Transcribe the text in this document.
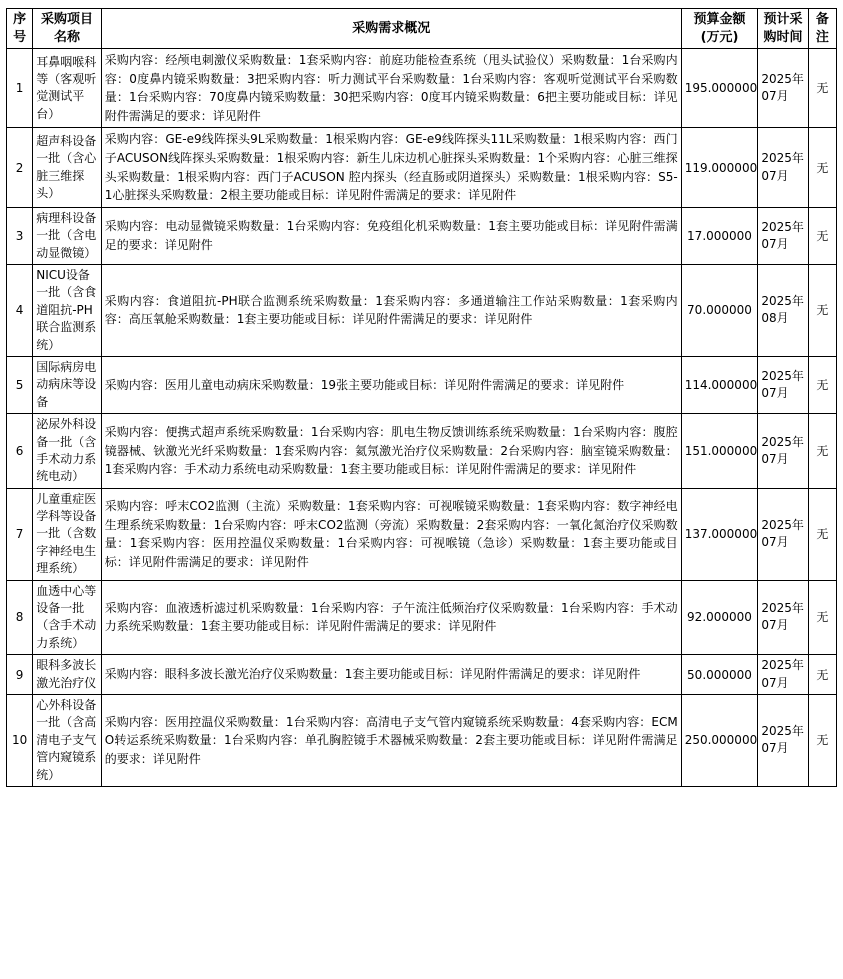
序号	采购项目名称	采购需求概况	预算金额(万元)	预计采购时间	备注
1	耳鼻咽喉科等（客观听觉测试平台）	采购内容：经颅电刺激仪采购数量：1套采购内容：前庭功能检查系统（甩头试验仪）采购数量：1台采购内容：0度鼻内镜采购数量：3把采购内容：听力测试平台采购数量：1台采购内容：客观听觉测试平台采购数量：1台采购内容：70度鼻内镜采购数量：30把采购内容：0度耳内镜采购数量：6把主要功能或目标：详见附件需满足的要求：详见附件	195.000000	2025年07月	无
2	超声科设备一批（含心脏三维探头）	采购内容：GE-e9线阵探头9L采购数量：1根采购内容：GE-e9线阵探头11L采购数量：1根采购内容：西门子ACUSON线阵探头采购数量：1根采购内容：新生儿床边机心脏探头采购数量：1个采购内容：心脏三维探头采购数量：1根采购内容：西门子ACUSON 腔内探头（经直肠或阴道探头）采购数量：1根采购内容：S5-1心脏探头采购数量：2根主要功能或目标：详见附件需满足的要求：详见附件	119.000000	2025年07月	无
3	病理科设备一批（含电动显微镜）	采购内容：电动显微镜采购数量：1台采购内容：免疫组化机采购数量：1套主要功能或目标：详见附件需满足的要求：详见附件	17.000000	2025年07月	无
4	NICU设备一批（含食道阻抗-PH联合监测系统）	采购内容：食道阻抗-PH联合监测系统采购数量：1套采购内容：多通道输注工作站采购数量：1套采购内容：高压氧舱采购数量：1套主要功能或目标：详见附件需满足的要求：详见附件	70.000000	2025年08月	无
5	国际病房电动病床等设备	采购内容：医用儿童电动病床采购数量：19张主要功能或目标：详见附件需满足的要求：详见附件	114.000000	2025年07月	无
6	泌尿外科设备一批（含手术动力系统电动）	采购内容：便携式超声系统采购数量：1台采购内容：肌电生物反馈训练系统采购数量：1台采购内容：腹腔镜器械、钬激光光纤采购数量：1套采购内容：氦氖激光治疗仪采购数量：2台采购内容：脑室镜采购数量：1套采购内容：手术动力系统电动采购数量：1套主要功能或目标：详见附件需满足的要求：详见附件	151.000000	2025年07月	无
7	儿童重症医学科等设备一批（含数字神经电生理系统）	采购内容：呼末CO2监测（主流）采购数量：1套采购内容：可视喉镜采购数量：1套采购内容：数字神经电生理系统采购数量：1台采购内容：呼末CO2监测（旁流）采购数量：2套采购内容：一氧化氮治疗仪采购数量：1套采购内容：医用控温仪采购数量：1台采购内容：可视喉镜（急诊）采购数量：1套主要功能或目标：详见附件需满足的要求：详见附件	137.000000	2025年07月	无
8	血透中心等设备一批（含手术动力系统）	采购内容：血液透析滤过机采购数量：1台采购内容：子午流注低频治疗仪采购数量：1台采购内容：手术动力系统采购数量：1套主要功能或目标：详见附件需满足的要求：详见附件	92.000000	2025年07月	无
9	眼科多波长激光治疗仪	采购内容：眼科多波长激光治疗仪采购数量：1套主要功能或目标：详见附件需满足的要求：详见附件	50.000000	2025年07月	无
10	心外科设备一批（含高清电子支气管内窥镜系统）	采购内容：医用控温仪采购数量：1台采购内容：高清电子支气管内窥镜系统采购数量：4套采购内容：ECMO转运系统采购数量：1台采购内容：单孔胸腔镜手术器械采购数量：2套主要功能或目标：详见附件需满足的要求：详见附件	250.000000	2025年07月	无
